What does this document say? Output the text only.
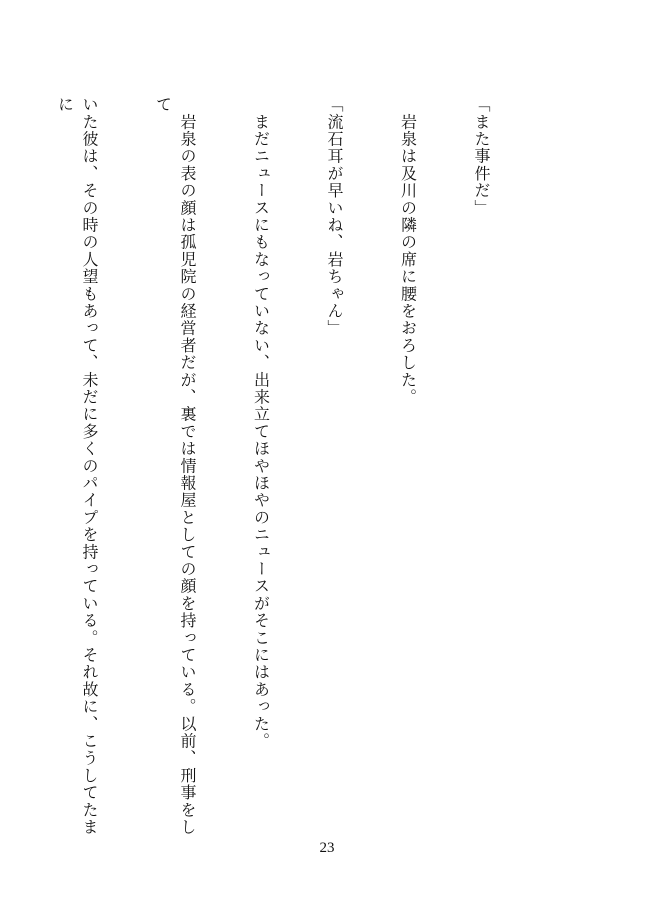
「また事件だ」

　岩泉は及川の隣の席に腰をおろした。

「流石耳が早いね、岩ちゃん」

　まだニュースにもなっていない、出来立てほやほやのニュースがそこにはあった。

　岩泉の表の顔は孤児院の経営者だが、裏では情報屋としての顔を持っている。以前、刑事をして

いた彼は、その時の人望もあって、未だに多くのパイプを持っている。それ故に、こうしてたまに

23
